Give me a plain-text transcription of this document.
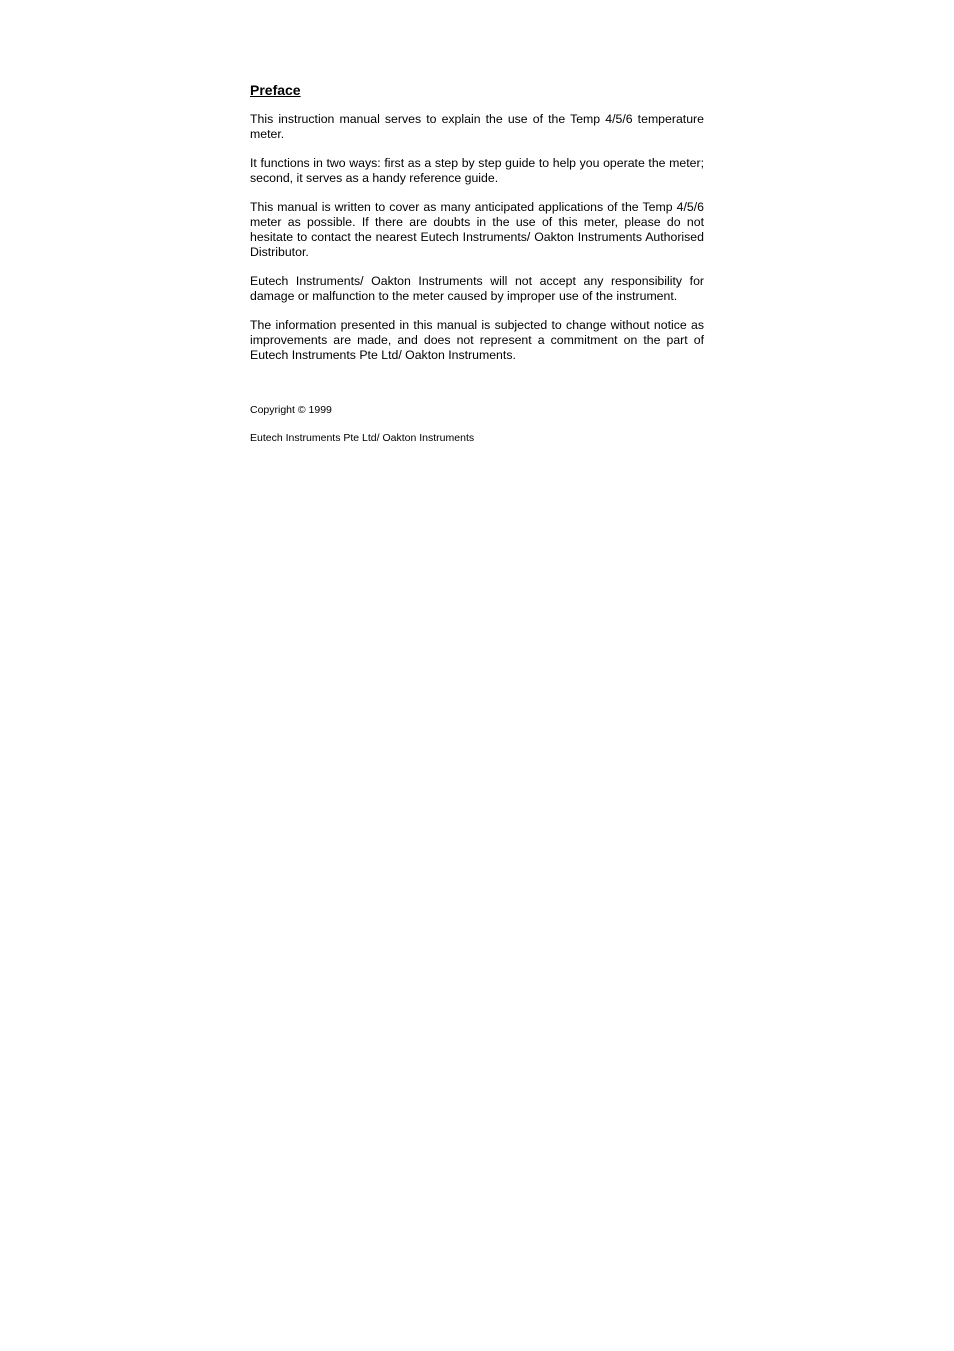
Preface

This instruction manual serves to explain the use of the Temp 4/5/6 temperature meter.

It functions in two ways: first as a step by step guide to help you operate the meter; second, it serves as a handy reference guide.

This manual is written to cover as many anticipated applications of the Temp 4/5/6 meter as possible. If there are doubts in the use of this meter, please do not hesitate to contact the nearest Eutech Instruments/ Oakton Instruments Authorised Distributor.

Eutech Instruments/ Oakton Instruments will not accept any responsibility for damage or malfunction to the meter caused by improper use of the instrument.

The information presented in this manual is subjected to change without notice as improvements are made, and does not represent a commitment on the part of Eutech Instruments Pte Ltd/ Oakton Instruments.

Copyright © 1999

Eutech Instruments Pte Ltd/ Oakton Instruments
